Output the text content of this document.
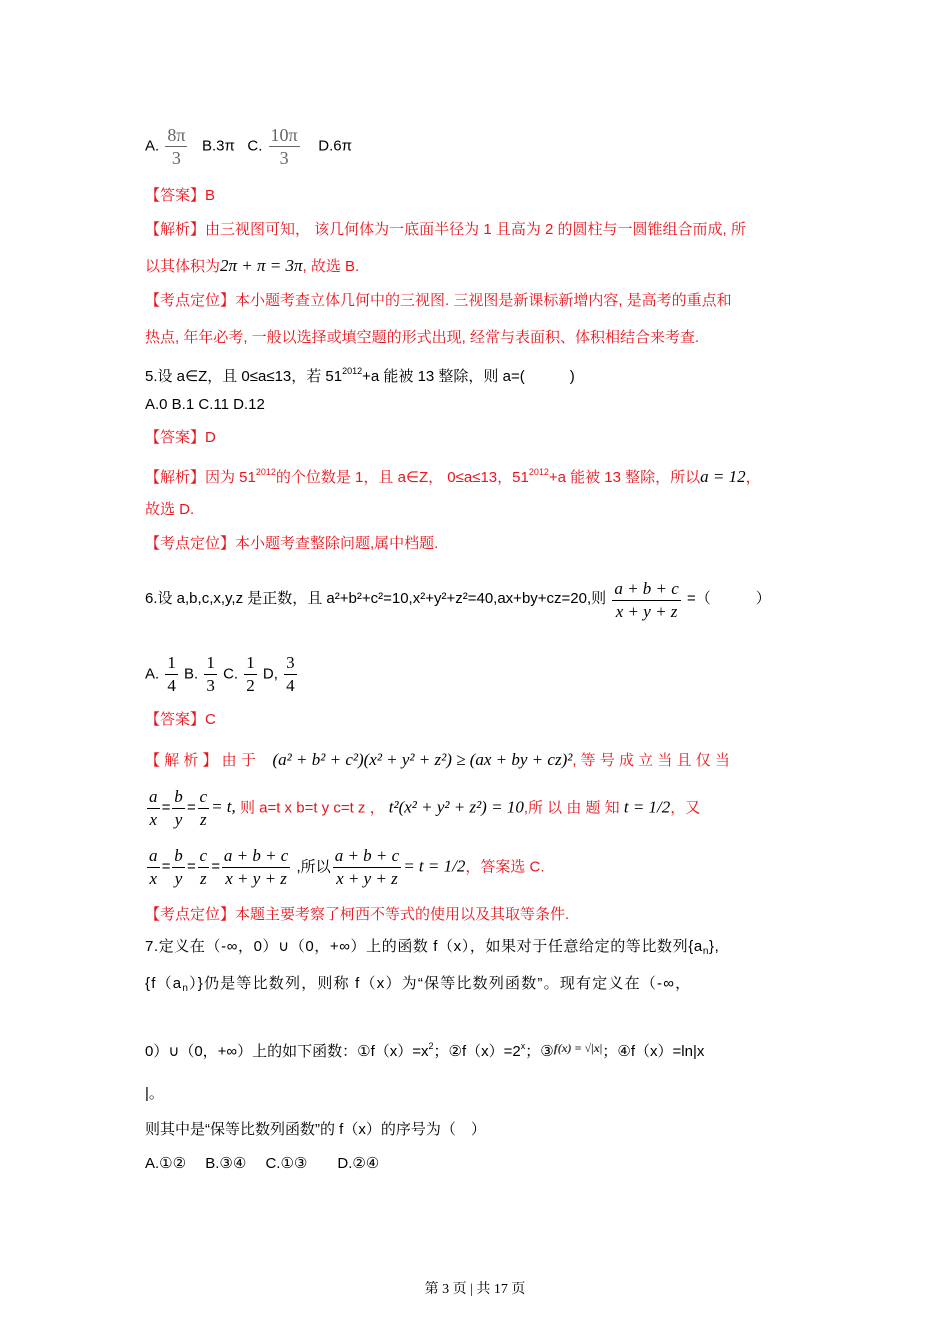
A. $\frac{8\pi}{3} B.3\pi$ C. $\frac{10\pi}{3} D.6\pi$
【答案】B
【解析】由三视图可知， 该几何体为一底面半径为 1 且高为 2 的圆柱与一圆锥组合而成, 所
以其体积为2π + π = 3π, 故选 B.
【考点定位】本小题考查立体几何中的三视图. 三视图是新课标新增内容, 是高考的重点和
热点, 年年必考, 一般以选择或填空题的形式出现, 经常与表面积、体积相结合来考查.
5.设 a∈Z，且 0≤a≤13，若 $51^{2012}+a$ 能被 13 整除，则 a=(　　　)
A.0 B.1 C.11 D.12
【答案】D
【解析】因为 $51^{2012}$的个位数是 1，且 a∈Z， 0≤a≤13，$51^{2012}+a$ 能被 13 整除，所以a = 12，
故选 D.
【考点定位】本小题考查整除问题,属中档题.
6.设 a,b,c,x,y,z 是正数，且 a²+b²+c²=10,x²+y²+z²=40,ax+by+cz=20,则 $\frac{a + b + c}{x + y + z}$ =（　　　）
A. $\frac{1}{4} B$. $\frac{1}{3} C$. $\frac{1}{2} D$, $\frac{3}{4}$
【答案】C
【 解 析 】 由 于 (a² + b² + c²)(x² + y² + z²) ≥ (ax + by + cz)², 等 号 成 立 当 且 仅 当
$\frac{a}{x} = \frac{b}{y} = \frac{c}{z} = t$, 则 a=t x b=t y c=t z ， t²(x² + y² + z²) = 10,所 以 由 题 知 t = 1/2，又
$\frac{a}{x} = \frac{b}{y} = \frac{c}{z} = \frac{a + b + c}{x + y + z}$ ,所以 $\frac{a + b + c}{x + y + z} = t = 1/2$，答案选 C.
【考点定位】本题主要考察了柯西不等式的使用以及其取等条件.
7.定义在（-∞，0）∪（0，+∞）上的函数 f（x），如果对于任意给定的等比数列$\{a_n\}$,
$\{f(a_n)\}$仍是等比数列，则称 f（x）为“保等比数列函数”。现有定义在（-∞，
0）∪（0，+∞）上的如下函数：$①f(x)=x^2$；$②f(x)=2^x$；③f(x) = √|x|；④f（x）=ln|x
|。
则其中是“保等比数列函数”的 f（x）的序号为（　）
A.①②　 B.③④　 C.①③　　D.②④
第 3 页 | 共 17 页
